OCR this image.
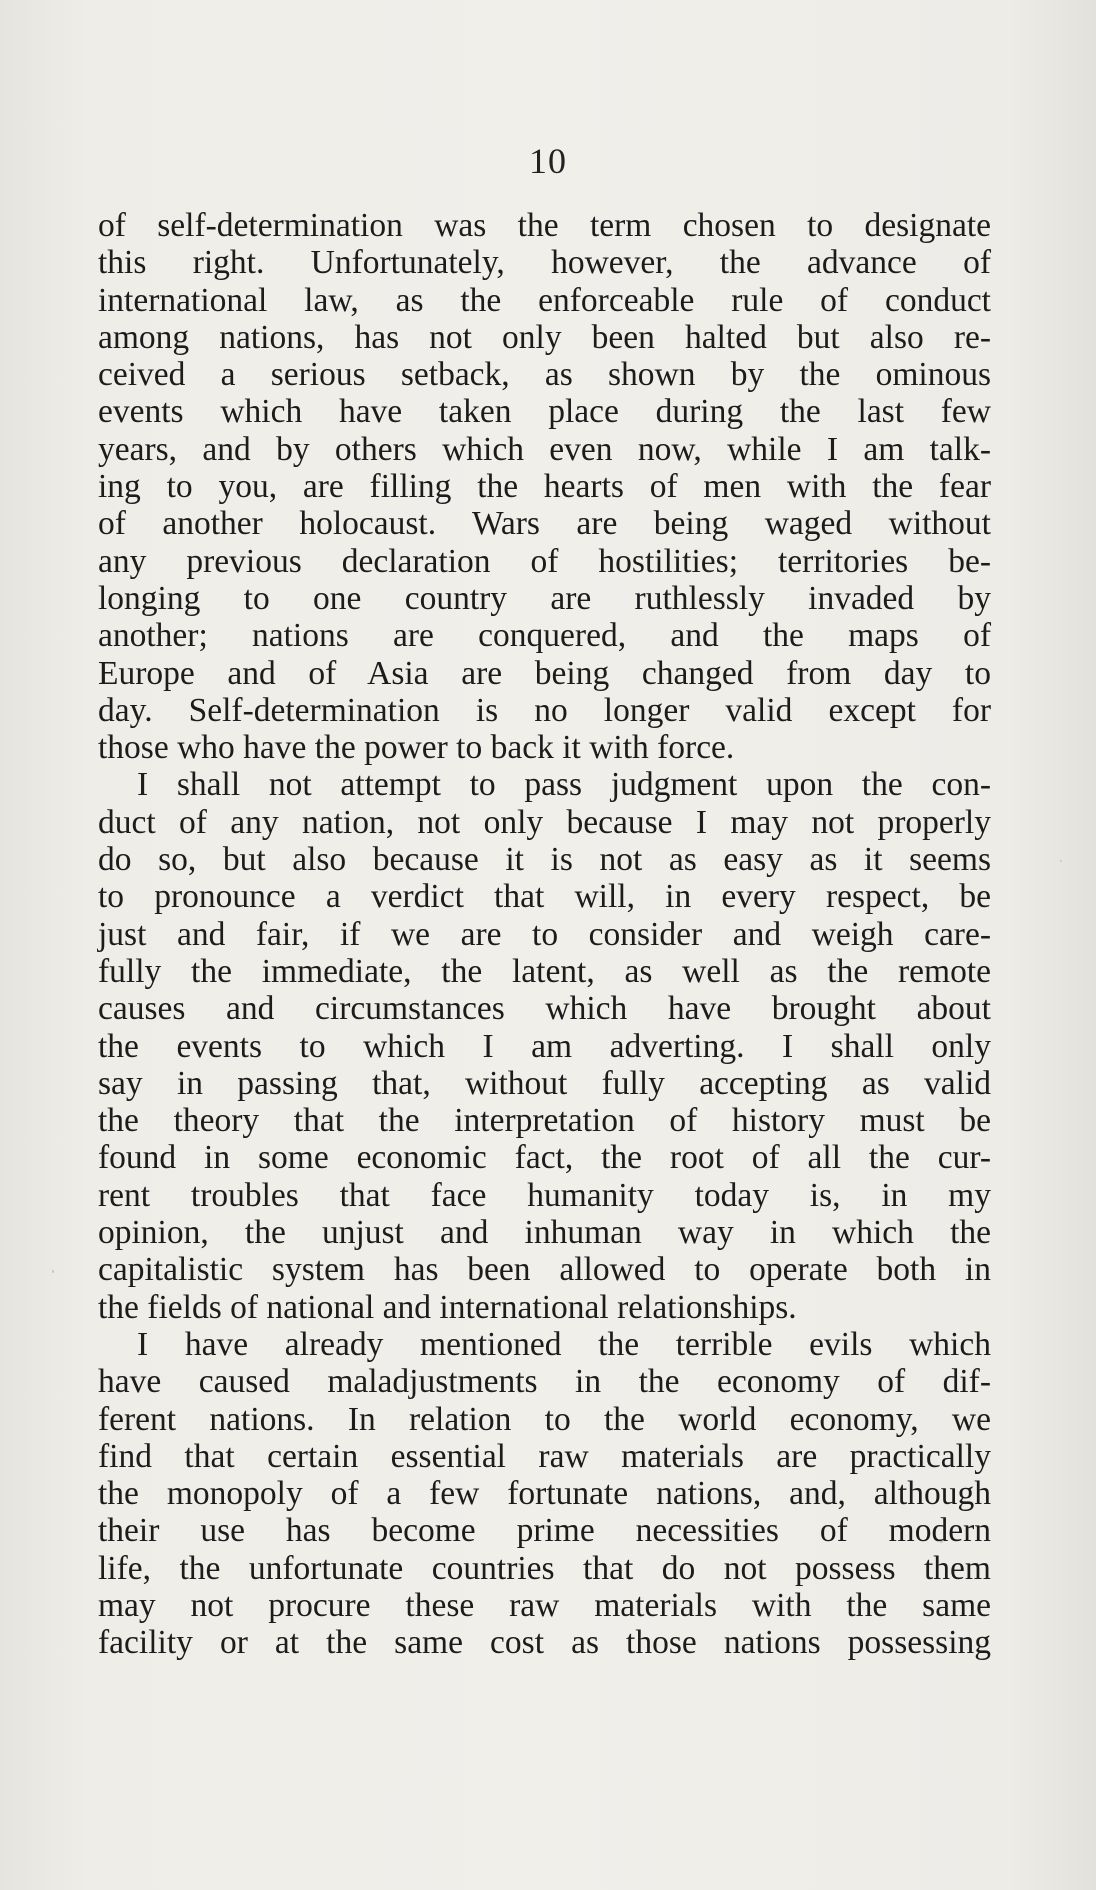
10
of self-determination was the term chosen to designate
this right. Unfortunately, however, the advance of
international law, as the enforceable rule of conduct
among nations, has not only been halted but also re-
ceived a serious setback, as shown by the ominous
events which have taken place during the last few
years, and by others which even now, while I am talk-
ing to you, are filling the hearts of men with the fear
of another holocaust. Wars are being waged without
any previous declaration of hostilities; territories be-
longing to one country are ruthlessly invaded by
another; nations are conquered, and the maps of
Europe and of Asia are being changed from day to
day. Self-determination is no longer valid except for
those who have the power to back it with force.
I shall not attempt to pass judgment upon the con-
duct of any nation, not only because I may not properly
do so, but also because it is not as easy as it seems
to pronounce a verdict that will, in every respect, be
just and fair, if we are to consider and weigh care-
fully the immediate, the latent, as well as the remote
causes and circumstances which have brought about
the events to which I am adverting. I shall only
say in passing that, without fully accepting as valid
the theory that the interpretation of history must be
found in some economic fact, the root of all the cur-
rent troubles that face humanity today is, in my
opinion, the unjust and inhuman way in which the
capitalistic system has been allowed to operate both in
the fields of national and international relationships.
I have already mentioned the terrible evils which
have caused maladjustments in the economy of dif-
ferent nations. In relation to the world economy, we
find that certain essential raw materials are practically
the monopoly of a few fortunate nations, and, although
their use has become prime necessities of modern
life, the unfortunate countries that do not possess them
may not procure these raw materials with the same
facility or at the same cost as those nations possessing
